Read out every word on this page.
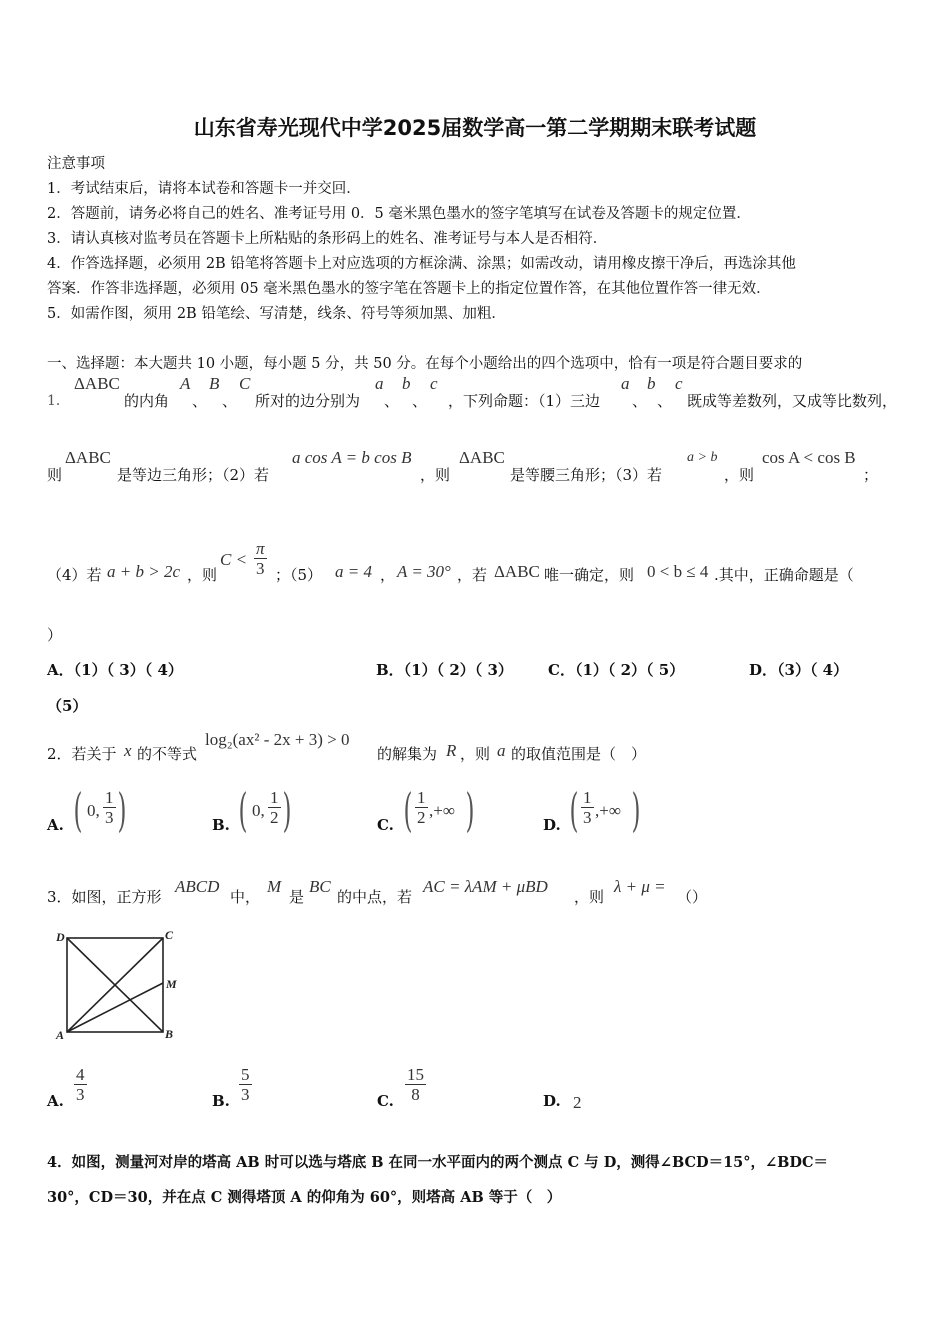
山东省寿光现代中学2025届数学高一第二学期期末联考试题
注意事项
1．考试结束后，请将本试卷和答题卡一并交回．
2．答题前，请务必将自己的姓名、准考证号用 0．5 毫米黑色墨水的签字笔填写在试卷及答题卡的规定位置．
3．请认真核对监考员在答题卡上所粘贴的条形码上的姓名、准考证号与本人是否相符．
4．作答选择题，必须用 2B 铅笔将答题卡上对应选项的方框涂满、涂黑；如需改动，请用橡皮擦干净后，再选涂其他
答案．作答非选择题，必须用 05 毫米黑色墨水的签字笔在答题卡上的指定位置作答，在其他位置作答一律无效．
5．如需作图，须用 2B 铅笔绘、写清楚，线条、符号等须加黑、加粗．
一、选择题：本大题共 10 小题，每小题 5 分，共 50 分。在每个小题给出的四个选项中，恰有一项是符合题目要求的
1．
ΔABC
的内角
A
、
B
、
C
所对的边分别为
a
、
b
、
c
，下列命题：（1）三边
a
、
b
、
c
既成等差数列，又成等比数列，
则
ΔABC
是等边三角形；（2）若
a cos A = b cos B
，则
ΔABC
是等腰三角形；（3）若
a > b
，则
cos A < cos B
；
（4）若 a + b > 2c ，则
$C < \frac{\pi}{3}$ ；（5） a = 4 ， A = 30° ，若 ΔABC 唯一确定，则 0 < b ≤ 4 .其中，正确命题是（
）
A．（1）（ 3）（ 4）	B．（1）（ 2）（ 3） C．（1）（ 2）（ 5）	D．（3）（ 4）
（5）
2．若关于 x 的不等式
log₂(ax² - 2x + 3) > 0
的解集为 R ，则 a 的取值范围是（　）
A. ( 0, $\frac{1}{3}$ )	B. ( 0, $\frac{1}{2}$ )	C. ( $\frac{1}{2}$ ,+∞ )	D. ( $\frac{1}{3}$ ,+∞ )
3．如图，正方形
ABCD
中，
M
是
BC
的中点，若
AC = λAM + μBD
，则
λ + μ =
（）
D	C
M
A	B
A. $\frac{4}{3}$	B. $\frac{5}{3}$	C. $\frac{15}{8}$	D. 2
4．如图，测量河对岸的塔高 AB 时可以选与塔底 B 在同一水平面内的两个测点 C 与 D，测得∠BCD＝15°，∠BDC＝
30°，CD＝30，并在点 C 测得塔顶 A 的仰角为 60°，则塔高 AB 等于（　）
